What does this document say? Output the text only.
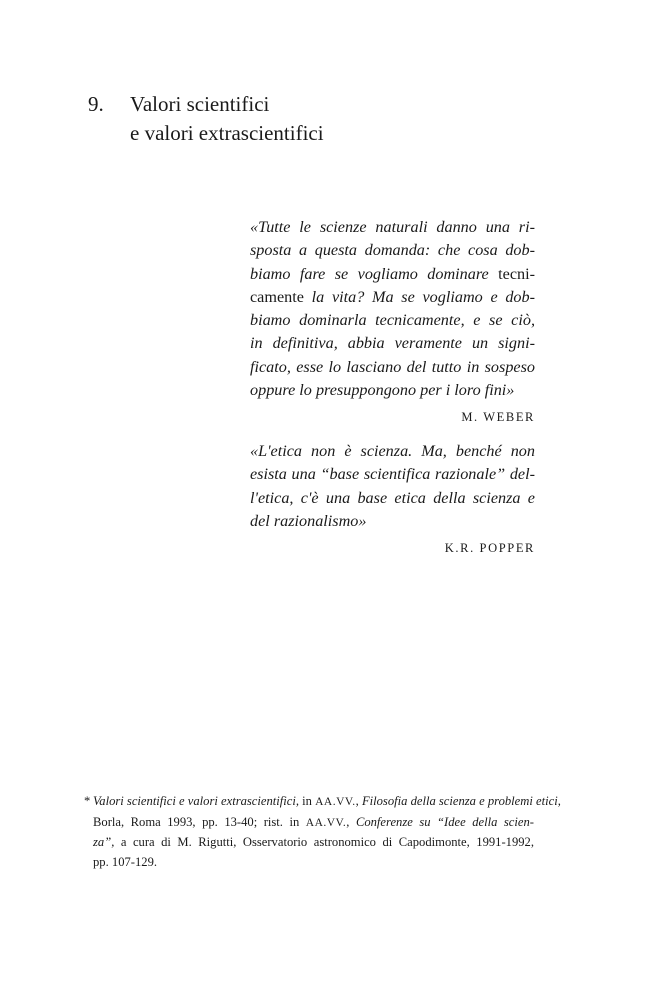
9. Valori scientifici
e valori extrascientifici
«Tutte le scienze naturali danno una ri-
sposta a questa domanda: che cosa dob-
biamo fare se vogliamo dominare tecni-
camente la vita? Ma se vogliamo e dob-
biamo dominarla tecnicamente, e se ciò,
in definitiva, abbia veramente un signi-
ficato, esse lo lasciano del tutto in sospeso
oppure lo presuppongono per i loro fini»
M. WEBER
«L'etica non è scienza. Ma, benché non
esista una “base scientifica razionale” del-
l'etica, c'è una base etica della scienza e
del razionalismo»
K.R. POPPER
* Valori scientifici e valori extrascientifici, in AA.VV., Filosofia della scienza e problemi etici,
Borla, Roma 1993, pp. 13-40; rist. in AA.VV., Conferenze su “Idee della scien-
za”, a cura di M. Rigutti, Osservatorio astronomico di Capodimonte, 1991-1992,
pp. 107-129.
